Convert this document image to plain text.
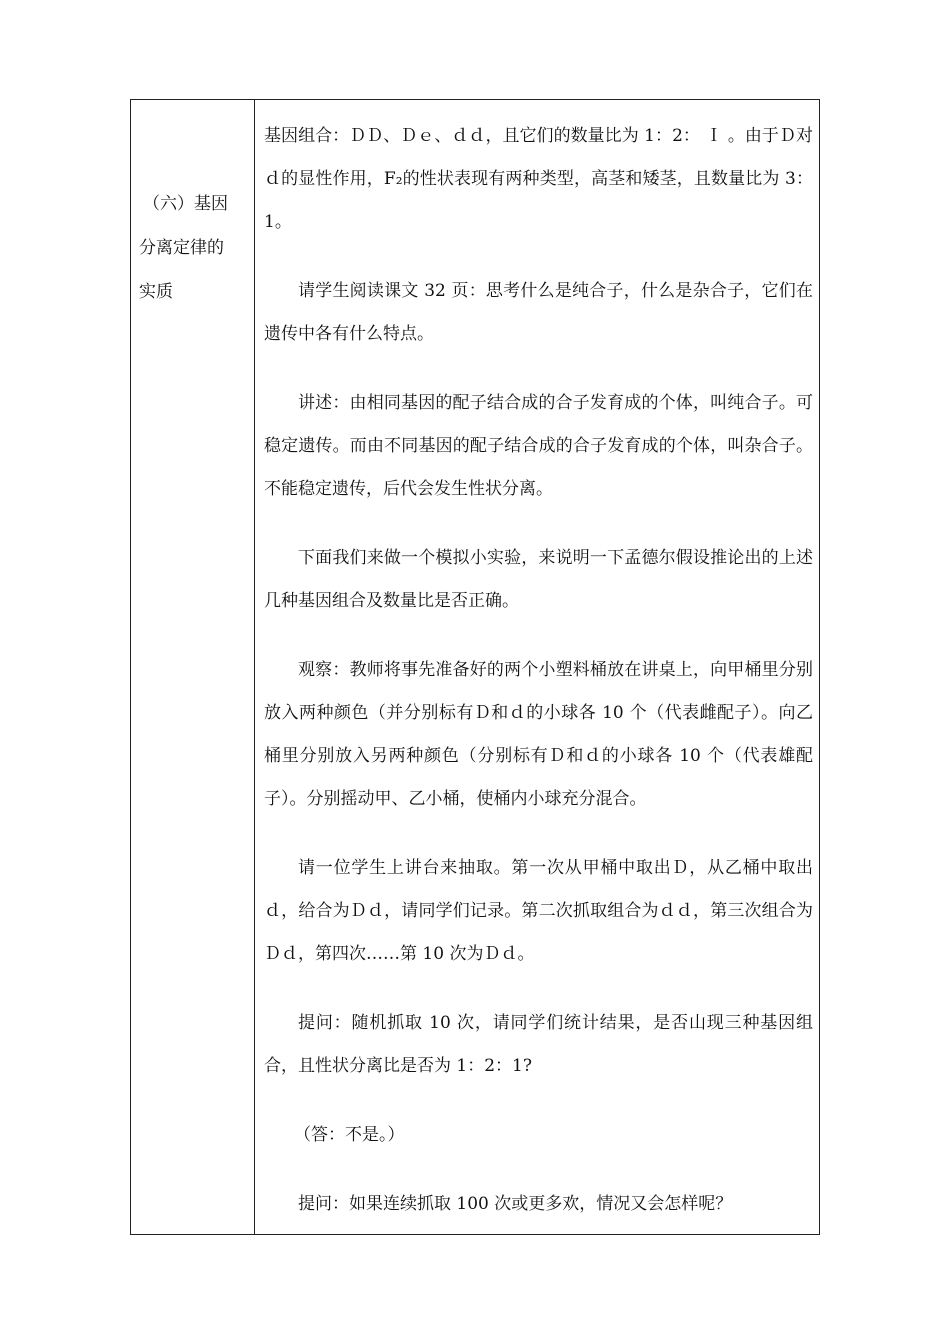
（六）基因
分离定律的
实质

基因组合：ＤＤ、Ｄｅ、ｄｄ，且它们的数量比为 1：2： Ｉ 。由于Ｄ对ｄ的显性作用，F₂的性状表现有两种类型，高茎和矮茎，且数量比为 3：1。

请学生阅读课文 32 页：思考什么是纯合子，什么是杂合子，它们在遗传中各有什么特点。

讲述：由相同基因的配子结合成的合子发育成的个体，叫纯合子。可稳定遗传。而由不同基因的配子结合成的合子发育成的个体，叫杂合子。不能稳定遗传，后代会发生性状分离。

下面我们来做一个模拟小实验，来说明一下孟德尔假设推论出的上述几种基因组合及数量比是否正确。

观察：教师将事先准备好的两个小塑料桶放在讲桌上，向甲桶里分别放入两种颜色（并分别标有Ｄ和ｄ的小球各 10 个（代表雌配子）。向乙桶里分别放入另两种颜色（分别标有Ｄ和ｄ的小球各 10 个（代表雄配子）。分别摇动甲、乙小桶，使桶内小球充分混合。

请一位学生上讲台来抽取。第一次从甲桶中取出Ｄ，从乙桶中取出ｄ，给合为Ｄｄ，请同学们记录。第二次抓取组合为ｄｄ，第三次组合为Ｄｄ，第四次……第 10 次为Ｄｄ。

提问：随机抓取 10 次，请同学们统计结果，是否山现三种基因组合，且性状分离比是否为 1：2：1?

（答：不是。）

提问：如果连续抓取 100 次或更多欢，情况又会怎样呢？
